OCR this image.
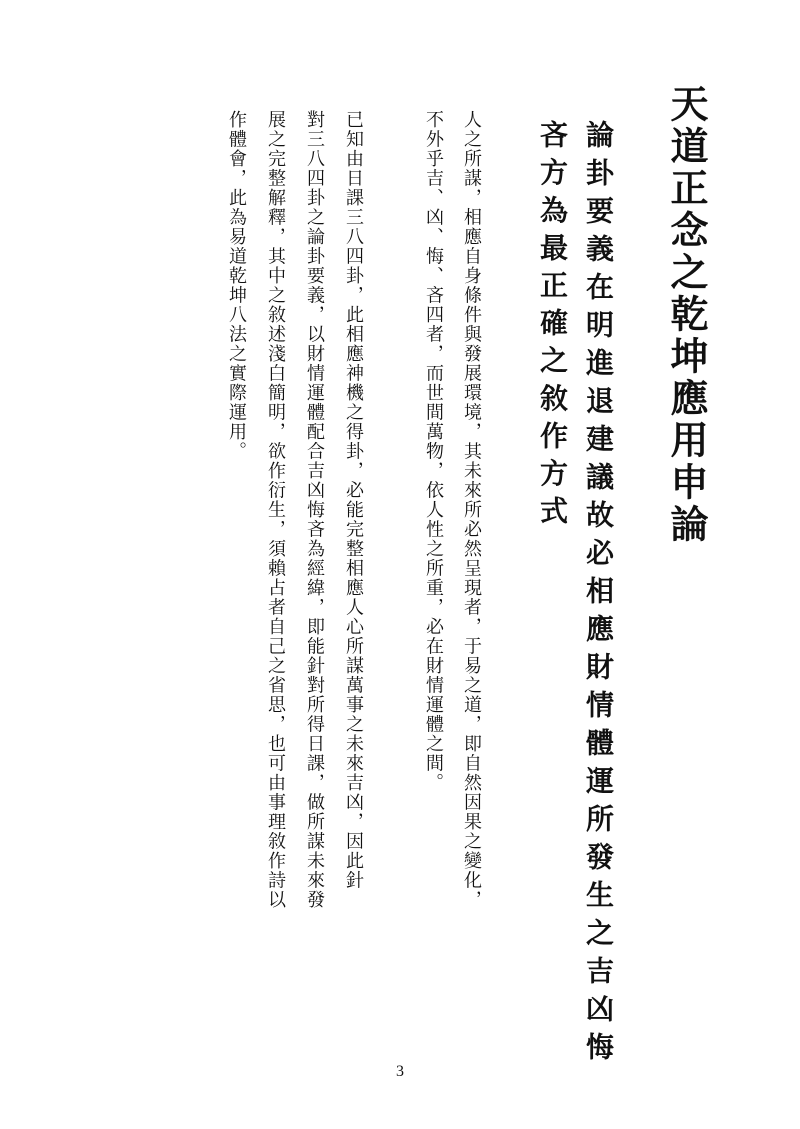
天道正念之乾坤應用申論
論卦要義在明進退建議故必相應財情體運所發生之吉凶悔
吝方為最正確之敘作方式
人之所謀，相應自身條件與發展環境，其未來所必然呈現者，于易之道，即自然因果之變化，
不外乎吉、凶、悔、吝四者，而世間萬物，依人性之所重，必在財情運體之間。
已知由日課三八四卦，此相應神機之得卦，必能完整相應人心所謀萬事之未來吉凶，因此針
對三八四卦之論卦要義，以財情運體配合吉凶悔吝為經緯，即能針對所得日課，做所謀未來發
展之完整解釋，其中之敘述淺白簡明，欲作衍生，須賴占者自己之省思，也可由事理敘作詩以
作體會，此為易道乾坤八法之實際運用。
3
